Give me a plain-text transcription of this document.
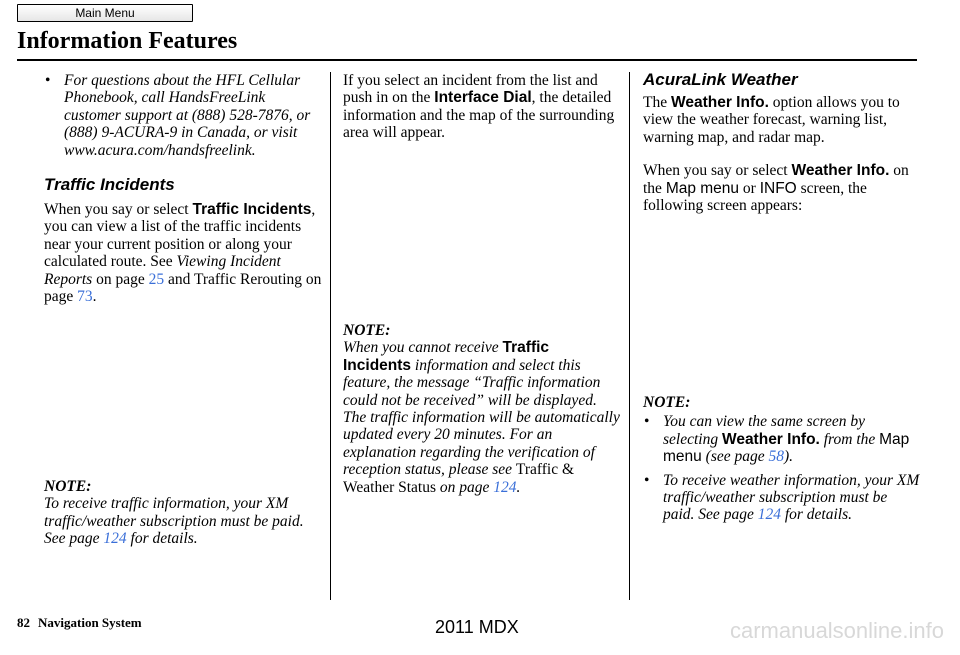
Main Menu
Information Features

• For questions about the HFL Cellular Phonebook, call HandsFreeLink customer support at (888) 528-7876, or (888) 9-ACURA-9 in Canada, or visit www.acura.com/handsfreelink.

Traffic Incidents

When you say or select Traffic Incidents, you can view a list of the traffic incidents near your current position or along your calculated route. See Viewing Incident Reports on page 25 and Traffic Rerouting on page 73.

NOTE:

To receive traffic information, your XM traffic/weather subscription must be paid. See page 124 for details.

If you select an incident from the list and push in on the Interface Dial, the detailed information and the map of the surrounding area will appear.

NOTE:

When you cannot receive Traffic Incidents information and select this feature, the message “Traffic information could not be received” will be displayed. The traffic information will be automatically updated every 20 minutes. For an explanation regarding the verification of reception status, please see Traffic & Weather Status on page 124.

AcuraLink Weather

The Weather Info. option allows you to view the weather forecast, warning list, warning map, and radar map.

When you say or select Weather Info. on the Map menu or INFO screen, the following screen appears:

NOTE:

• You can view the same screen by selecting Weather Info. from the Map menu (see page 58).

• To receive weather information, your XM traffic/weather subscription must be paid. See page 124 for details.

82 Navigation System	2011 MDX	carmanualsonline.info
